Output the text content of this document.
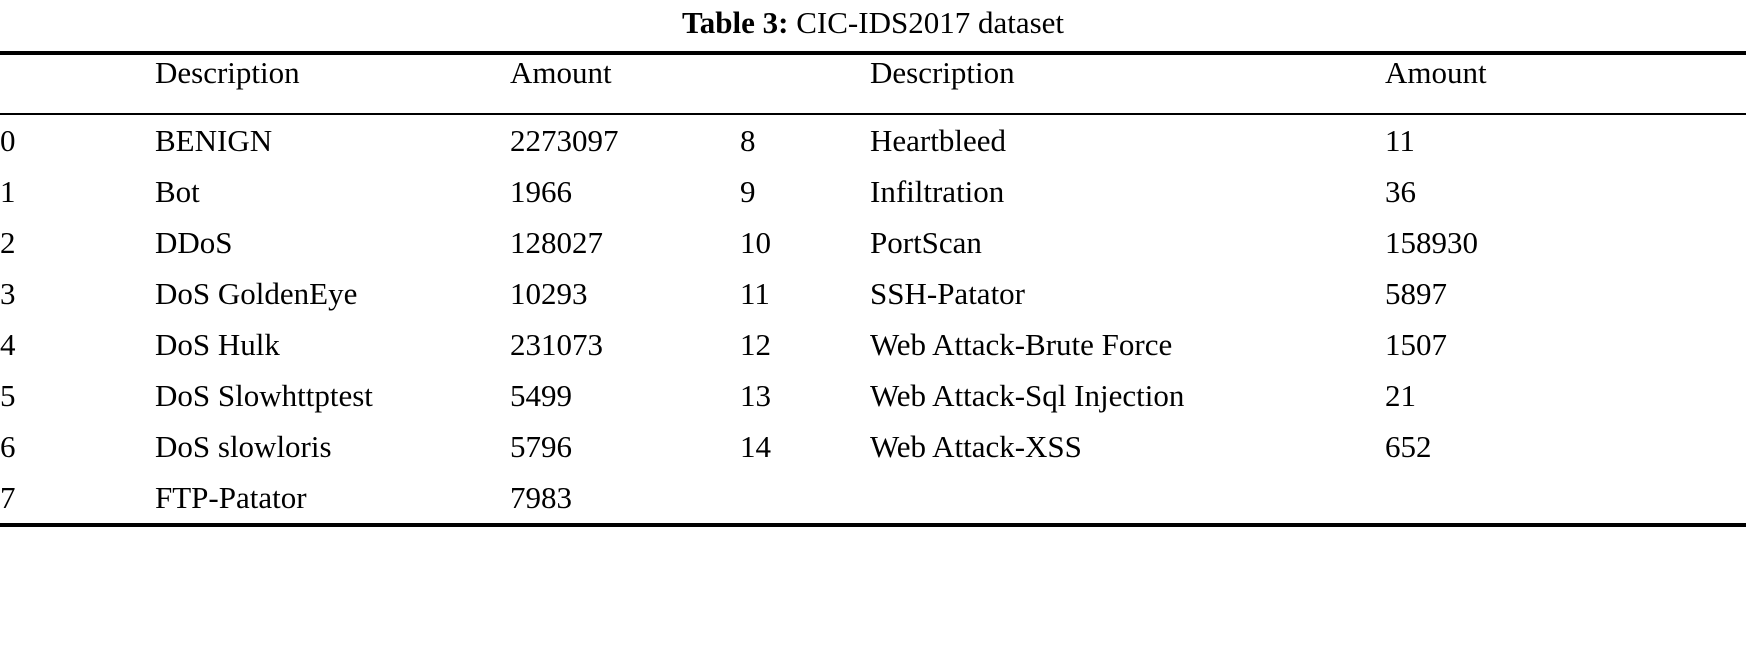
Table 3: CIC-IDS2017 dataset
	Description	Amount		Description	Amount
0	BENIGN	2273097	8	Heartbleed	11
1	Bot	1966	9	Infiltration	36
2	DDoS	128027	10	PortScan	158930
3	DoS GoldenEye	10293	11	SSH-Patator	5897
4	DoS Hulk	231073	12	Web Attack-Brute Force	1507
5	DoS Slowhttptest	5499	13	Web Attack-Sql Injection	21
6	DoS slowloris	5796	14	Web Attack-XSS	652
7	FTP-Patator	7983			
